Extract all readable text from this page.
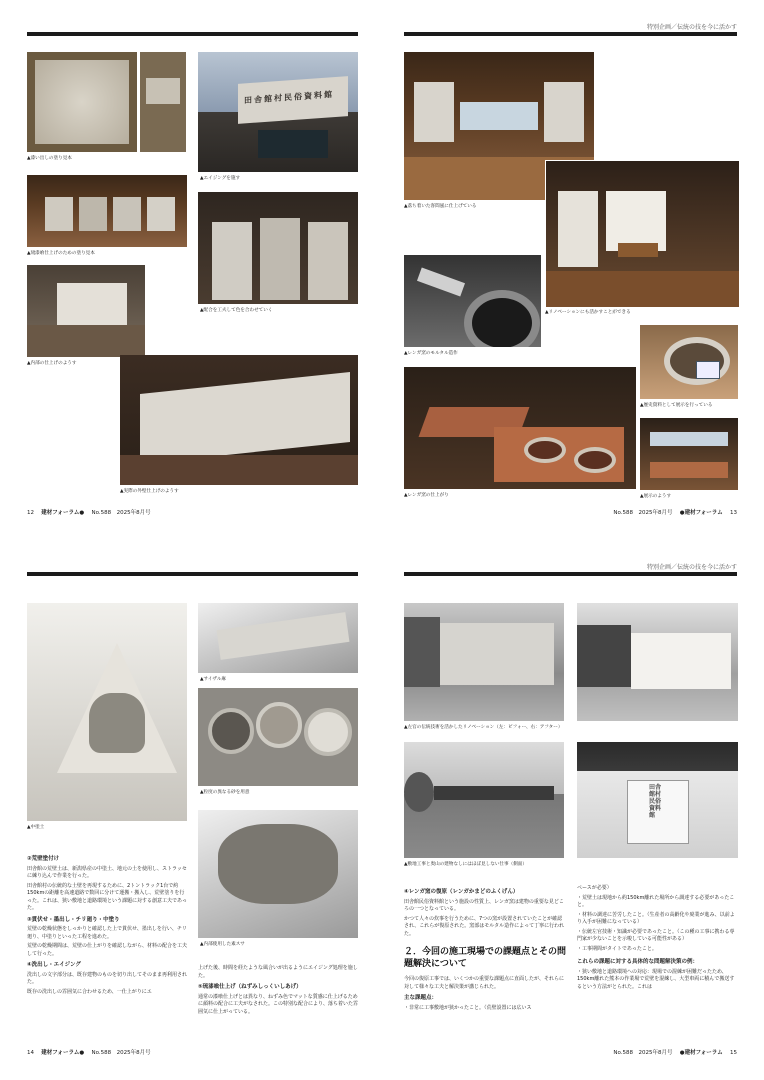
▲漆い出しの塗り見本
田舎館村民俗資料館
▲エイジングを施す
▲琉漆喰仕上げのための塗り見本
▲配合を工夫して色を合わせていく
▲内部の仕上げのようす
▲実際の外壁仕上げのようす
12　 建材フォーラム●　 No.588　2025年8月号
特別企画／伝統の技を今に活かす
▲落ち着いた客間風に仕上げている
▲リノベーションにも活かすことができる
▲レンガ窯のモルタル造作
▲歴史資料として展示を行っている
▲レンガ窯の仕上がり	▲展示のようす
No.588　2025年8月号　 ●建材フォーラム　 13
▲中塗土
▲サイザル麻
▲粒度の異なる砂を用意
▲内部使用した素スサ
②荒壁塗付け

田舎館の荒壁土は、新潟県産の中塗土、地元の土を使用し、ストラッセに練り込んで作業を行った。

田舎館村の伝統的な土壁を再現するために、2トントラック1台で約150kmの距離を高速道路で数回に分けて運搬・搬入し、荒壁塗りを行った。これは、狭い敷地と道路環境という課題に対する創意工夫であった。

③貫伏せ・墨出し・チリ廻り・中塗り

荒壁の乾燥状態をしっかりと確認した上で貫伏せ、墨出しを行い、チリ廻り、中塗りといった工程を進めた。

荒壁の乾燥期間は、荒壁の仕上がりを確認しながら、材料の配合を工夫して行った。

④洗出し・エイジング

洗出しの文字部分は、既存建物のものを切り出してそのまま再利用された。

既存の洗出しの雰囲気に合わせるため、一仕上がりにエ

上げた後、時間を経たような風合いが出るようにエイジング処理を施した。

⑤琉漆喰仕上げ（ねずみしっくいしあげ）

通常の漆喰仕上げとは異なり、ねずみ色でマットな質感に仕上げるために顔料の配合に工夫がなされた。この特別な配合により、落ち着いた雰囲気に仕上がっている。

14　 建材フォーラム●　 No.588　2025年8月号
特別企画／伝統の技を今に活かす
▲左官の伝統技術を活かしたリノベーション（左：ビフォー、右：アフター）
▲敷地工事と奥山の建物なしにはほぼ見しない仕事（側面）
田舎館村民俗資料館
④レンガ窯の復原（レンガかまどのふくげん）

田舎館民俗資料館という施設の性質上、レンガ窯は建物の重要な見どころの一つとなっている。

かつて人々の炊事を行うために、7つの窯が設置されていたことが確認され、これらが復原された。窯部はモルタル造作によって丁寧に行われた。

２．今回の施工現場での課題点とその問題解決について

今回の復原工事では、いくつかの重要な課題点に直面したが、それらに対して様々な工夫と解決策が講じられた。

主な課題点：

・非常に工事敷地が狭かったこと。（荒壁設置には広いス

ペースが必要）

・荒壁土は現地から約150km離れた場所から調達する必要があったこと。

・材料の調達に苦労したこと。（生産者の高齢化や廃業が進み、以前より入手が困難になっている）

・伝統左官技術・知識が必要であったこと。（この種の工事に携わる専門家が少ないことを示唆している可能性がある）

・工事期間がタイトであったこと。

これらの課題に対する具体的な問題解決策の例：

・狭い敷地と道路環境への対応：現場での混練が困難だったため、150km離れた熊本の作業場で荒壁を混練し、大型車両に積んで搬送するという方法がとられた。これは

No.588　2025年8月号　 ●建材フォーラム　 15
